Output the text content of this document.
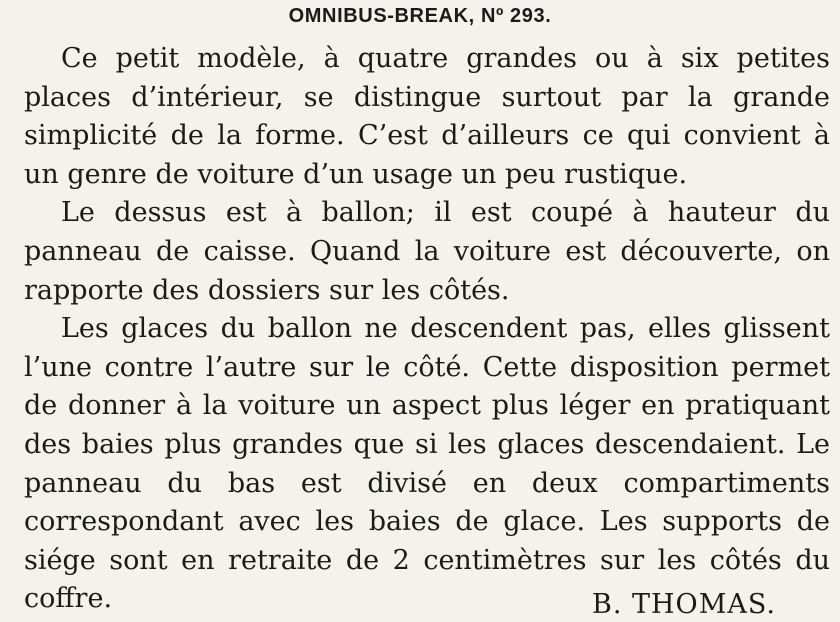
OMNIBUS-BREAK, Nº 293.

Ce petit modèle, à quatre grandes ou à six petites places d’intérieur, se distingue surtout par la grande simplicité de la forme. C’est d’ailleurs ce qui convient à un genre de voiture d’un usage un peu rustique.

Le dessus est à ballon; il est coupé à hauteur du panneau de caisse. Quand la voiture est découverte, on rapporte des dossiers sur les côtés.

Les glaces du ballon ne descendent pas, elles glissent l’une contre l’autre sur le côté. Cette disposition permet de donner à la voiture un aspect plus léger en pratiquant des baies plus grandes que si les glaces descendaient. Le panneau du bas est divisé en deux compartiments correspondant avec les baies de glace. Les supports de siége sont en retraite de 2 centimètres sur les côtés du coffre.	B. THOMAS.
